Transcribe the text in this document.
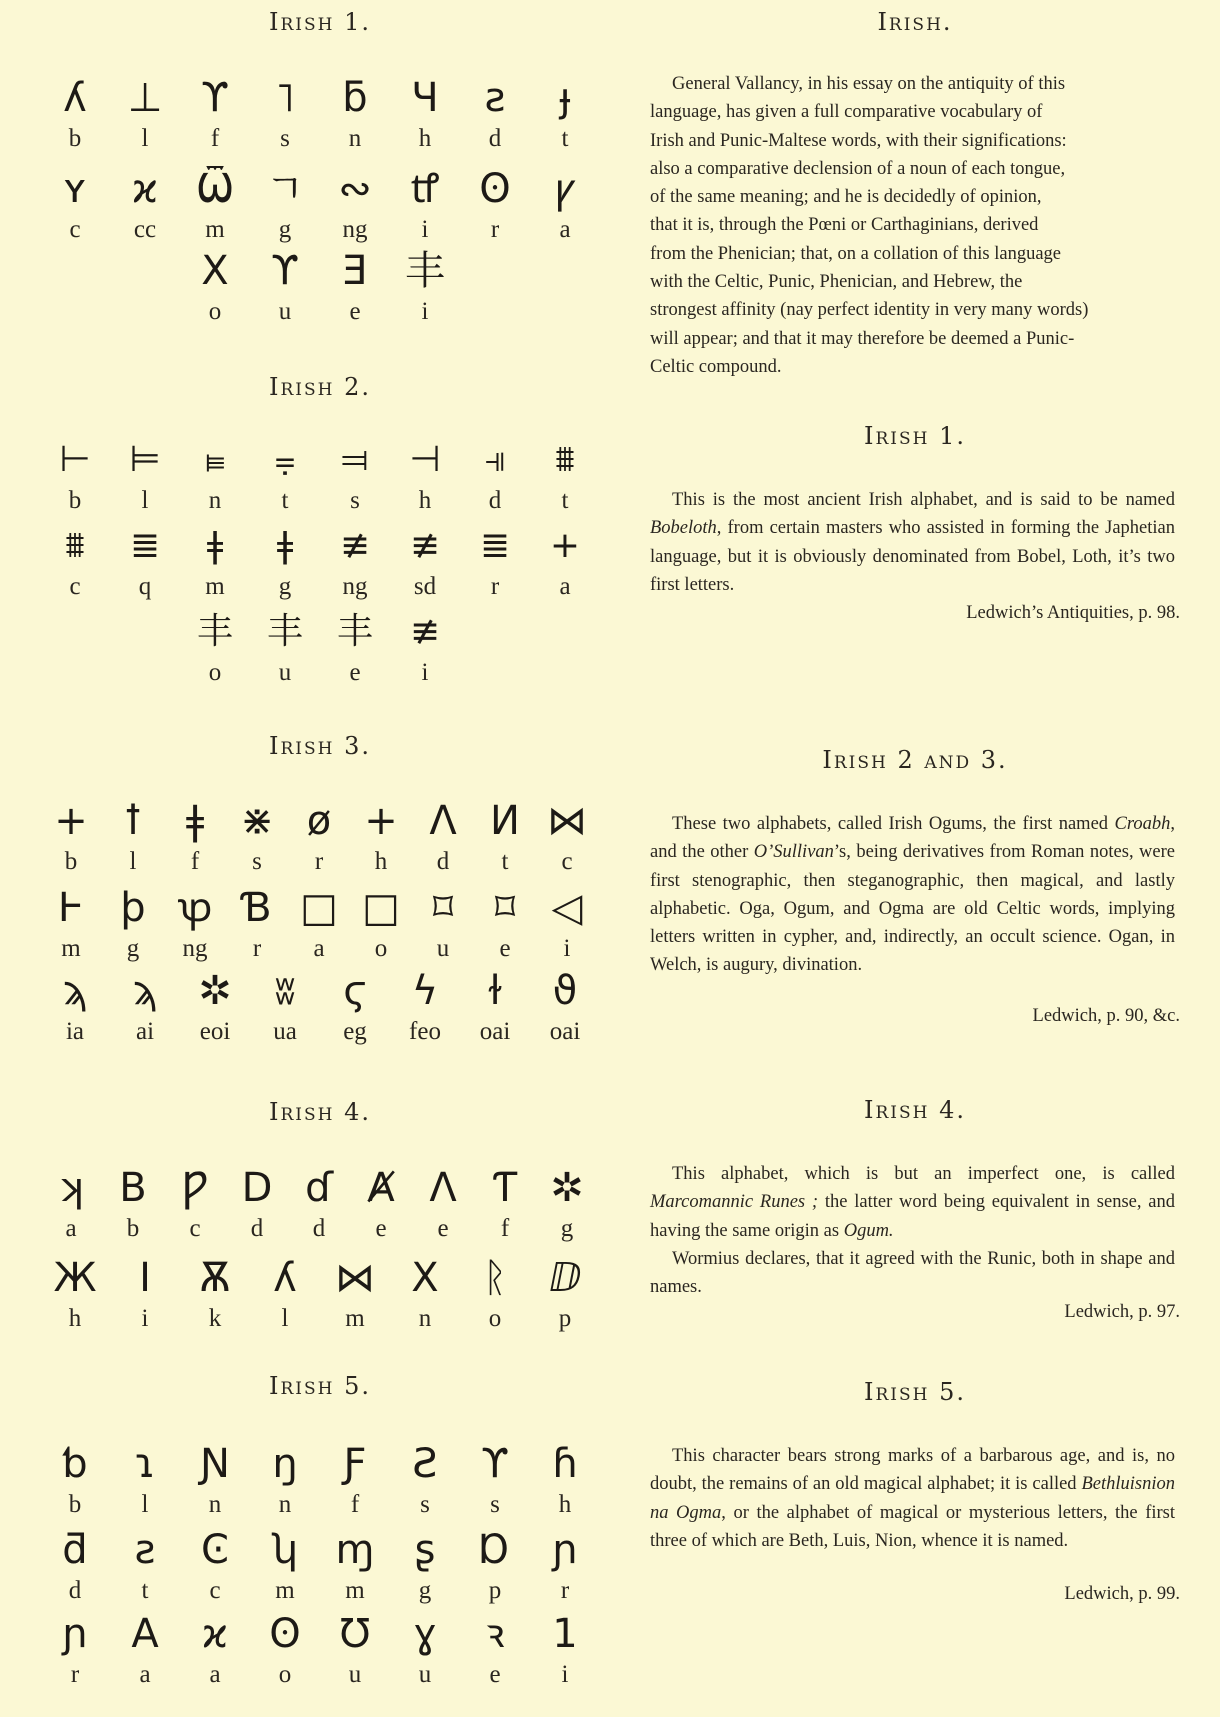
Irish 1.
ʎ
b
⊥
l
ϒ
f
˥
s
ƃ
n
Ч
h
ꙅ
d
ɟ
t
ʏ
c
ϰ
cc
Ѿ
m
ㄱ
g
∾
ng
ꝷ
i
ʘ
r
ꝩ
a
X
o
ϒ
u
Ǝ
e
丰
i
Irish 2.
⊢
b
⊨
l
⫢
n
⩦
t
⫤
s
⊣
h
⫣
d
⩩
t
⩩
c
≣
q
ǂ
m
ǂ
g
≢
ng
≢
sd
≣
r
+
a
丰
o
丰
u
丰
e
≢
i
Irish 3.
+
b
ꝉ
l
ǂ
f
⋇
s
ø
r
+
h
Λ
d
И
t
⋈
c
Ͱ
m
ϸ
g
ꝕ
ng
Ɓ
r
□
a
□
o
⌑
u
⌑
e
◁
i
ϡ
ia
ϡ
ai
✲
eoi
ʬ
ua
ϛ
eg
ϟ
feo
ɫ
oai
ϑ
oai
Irish 4.
ʞ
a
B
b
Ƿ
c
D
d
ɗ
d
Ⱥ
e
Λ
e
Ƭ
f
✲
g
Ж
h
I
i
Ѫ
k
ʎ
l
⋈
m
X
n
ᚱ
o
ⅅ
p
Irish 5.
ƅ
b
ɿ
l
Ɲ
n
ŋ
n
Ƒ
f
Ƨ
s
ϒ
s
ɦ
h
ƌ
d
ƨ
t
Ͼ
c
ʮ
m
ɱ
m
ʂ
g
Ɒ
p
ɲ
r
ɲ
r
A
a
ϰ
a
ʘ
o
Ʊ
u
ɣ
u
ꝛ
e
1
i
Irish.
General Vallancy, in his essay on the antiquity of this
language, has given a full comparative vocabulary of
Irish and Punic-Maltese words, with their significations:
also a comparative declension of a noun of each tongue,
of the same meaning; and he is decidedly of opinion,
that it is, through the Pœni or Carthaginians, derived
from the Phenician; that, on a collation of this language
with the Celtic, Punic, Phenician, and Hebrew, the
strongest affinity (nay perfect identity in very many words)
will appear; and that it may therefore be deemed a Punic-
Celtic compound.
Irish 1.

This is the most ancient Irish alphabet, and is said to be named Bobeloth, from certain masters who assisted in forming the Japhetian language, but it is obviously denominated from Bobel, Loth, it’s two first letters.

Ledwich’s Antiquities, p. 98.
Irish 2 and 3.

These two alphabets, called Irish Ogums, the first named Croabh, and the other O’Sullivan’s, being derivatives from Roman notes, were first stenographic, then steganographic, then magical, and lastly alphabetic. Oga, Ogum, and Ogma are old Celtic words, implying letters written in cypher, and, indirectly, an occult science. Ogan, in Welch, is augury, divination.

Ledwich, p. 90, &c.
Irish 4.
This alphabet, which is but an imperfect one, is called Marcomannic Runes ; the latter word being equivalent in sense, and having the same origin as Ogum.
Wormius declares, that it agreed with the Runic, both in shape and names.
Ledwich, p. 97.
Irish 5.

This character bears strong marks of a barbarous age, and is, no doubt, the remains of an old magical alphabet; it is called Bethluisnion na Ogma, or the alphabet of magical or mysterious letters, the first three of which are Beth, Luis, Nion, whence it is named.

Ledwich, p. 99.
